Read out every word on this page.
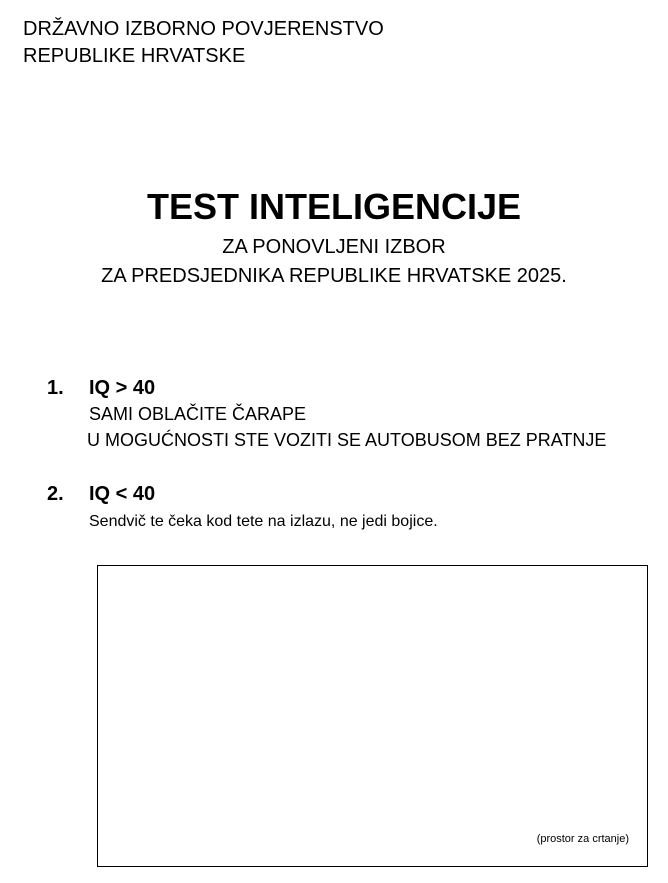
DRŽAVNO IZBORNO POVJERENSTVO
REPUBLIKE HRVATSKE
TEST INTELIGENCIJE
ZA PONOVLJENI IZBOR
ZA PREDSJEDNIKA REPUBLIKE HRVATSKE 2025.
1. IQ > 40
SAMI OBLAČITE ČARAPE
U MOGUĆNOSTI STE VOZITI SE AUTOBUSOM BEZ PRATNJE
2. IQ < 40
Sendvič te čeka kod tete na izlazu, ne jedi bojice.
(prostor za crtanje)
